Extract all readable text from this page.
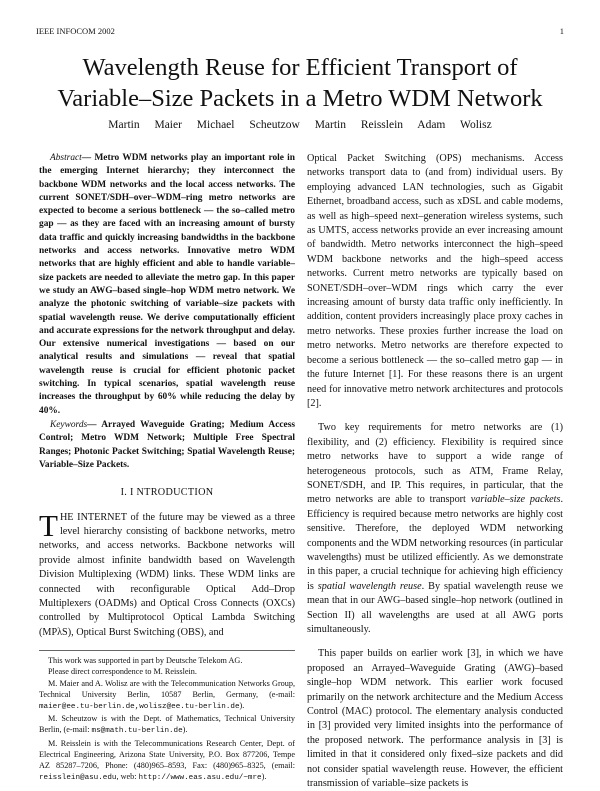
IEEE INFOCOM 2002	1
Wavelength Reuse for Efficient Transport of
Variable–Size Packets in a Metro WDM Network
Martin Maier Michael Scheutzow Martin Reisslein Adam Wolisz

Abstract— Metro WDM networks play an important role in the emerging Internet hierarchy; they interconnect the backbone WDM networks and the local access networks. The current SONET/SDH–over–WDM–ring metro networks are expected to become a serious bottleneck — the so–called metro gap — as they are faced with an increasing amount of bursty data traffic and quickly increasing bandwidths in the backbone networks and access networks. Innovative metro WDM networks that are highly efficient and able to handle variable–size packets are needed to alleviate the metro gap. In this paper we study an AWG–based single–hop WDM metro network. We analyze the photonic switching of variable–size packets with spatial wavelength reuse. We derive computationally efficient and accurate expressions for the network throughput and delay. Our extensive numerical investigations — based on our analytical results and simulations — reveal that spatial wavelength reuse is crucial for efficient photonic packet switching. In typical scenarios, spatial wavelength reuse increases the throughput by 60% while reducing the delay by 40%.

Keywords— Arrayed Waveguide Grating; Medium Access Control; Metro WDM Network; Multiple Free Spectral Ranges; Photonic Packet Switching; Spatial Wavelength Reuse; Variable–Size Packets.

I. I NTRODUCTION

THE INTERNET of the future may be viewed as a three level hierarchy consisting of backbone networks, metro networks, and access networks. Backbone networks will provide almost infinite bandwidth based on Wavelength Division Multiplexing (WDM) links. These WDM links are connected with reconfigurable Optical Add–Drop Multiplexers (OADMs) and Optical Cross Connects (OXCs) controlled by Multiprotocol Optical Lambda Switching (MPλS), Optical Burst Switching (OBS), and

This work was supported in part by Deutsche Telekom AG.

Please direct correspondence to M. Reisslein.

M. Maier and A. Wolisz are with the Telecommunication Networks Group, Technical University Berlin, 10587 Berlin, Germany, (e-mail: maier@ee.tu-berlin.de,wolisz@ee.tu-berlin.de).

M. Scheutzow is with the Dept. of Mathematics, Technical University Berlin, (e-mail: ms@math.tu-berlin.de).

M. Reisslein is with the Telecommunications Research Center, Dept. of Electrical Engineering, Arizona State University, P.O. Box 877206, Tempe AZ 85287–7206, Phone: (480)965–8593, Fax: (480)965–8325, (email: reisslein@asu.edu, web: http://www.eas.asu.edu/~mre).

Optical Packet Switching (OPS) mechanisms. Access networks transport data to (and from) individual users. By employing advanced LAN technologies, such as Gigabit Ethernet, broadband access, such as xDSL and cable modems, as well as high–speed next–generation wireless systems, such as UMTS, access networks provide an ever increasing amount of bandwidth. Metro networks interconnect the high–speed WDM backbone networks and the high–speed access networks. Current metro networks are typically based on SONET/SDH–over–WDM rings which carry the ever increasing amount of bursty data traffic only inefficiently. In addition, content providers increasingly place proxy caches in metro networks. These proxies further increase the load on metro networks. Metro networks are therefore expected to become a serious bottleneck — the so–called metro gap — in the future Internet [1]. For these reasons there is an urgent need for innovative metro network architectures and protocols [2].

Two key requirements for metro networks are (1) flexibility, and (2) efficiency. Flexibility is required since metro networks have to support a wide range of heterogeneous protocols, such as ATM, Frame Relay, SONET/SDH, and IP. This requires, in particular, that the metro networks are able to transport variable–size packets. Efficiency is required because metro networks are highly cost sensitive. Therefore, the deployed WDM networking components and the WDM networking resources (in particular wavelengths) must be utilized efficiently. As we demonstrate in this paper, a crucial technique for achieving high efficiency is spatial wavelength reuse. By spatial wavelength reuse we mean that in our AWG–based single–hop network (outlined in Section II) all wavelengths are used at all AWG ports simultaneously.

This paper builds on earlier work [3], in which we have proposed an Arrayed–Waveguide Grating (AWG)–based single–hop WDM network. This earlier work focused primarily on the network architecture and the Medium Access Control (MAC) protocol. The elementary analysis conducted in [3] provided very limited insights into the performance of the proposed network. The performance analysis in [3] is limited in that it considered only fixed–size packets and did not consider spatial wavelength reuse. However, the efficient transmission of variable–size packets is
